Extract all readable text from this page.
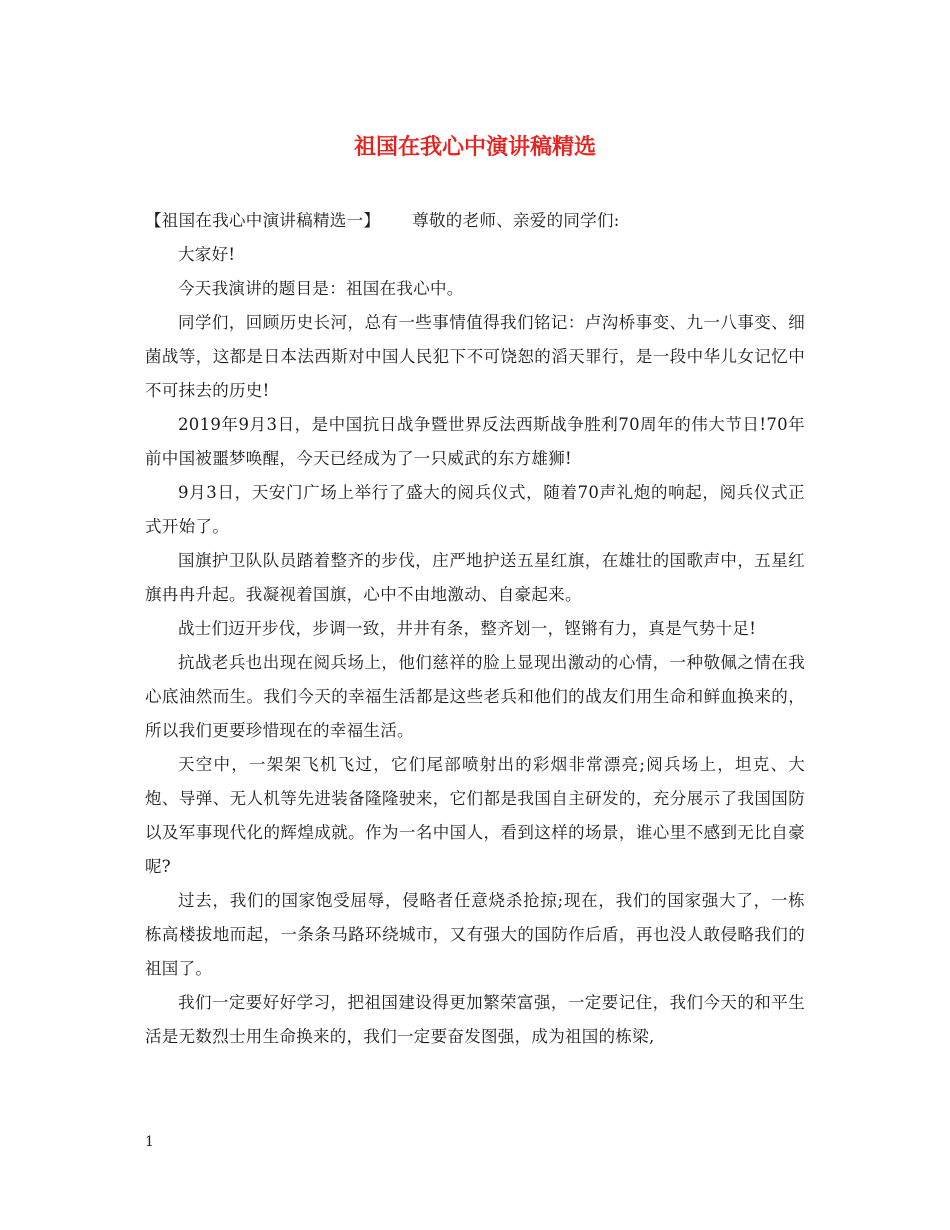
祖国在我心中演讲稿精选

【祖国在我心中演讲稿精选一】 尊敬的老师、亲爱的同学们:

大家好!

今天我演讲的题目是：祖国在我心中。

同学们，回顾历史长河，总有一些事情值得我们铭记：卢沟桥事变、九一八事变、细菌战等，这都是日本法西斯对中国人民犯下不可饶恕的滔天罪行，是一段中华儿女记忆中不可抹去的历史!

2019年9月3日，是中国抗日战争暨世界反法西斯战争胜利70周年的伟大节日!70年前中国被噩梦唤醒，今天已经成为了一只威武的东方雄狮!

9月3日，天安门广场上举行了盛大的阅兵仪式，随着70声礼炮的响起，阅兵仪式正式开始了。

国旗护卫队队员踏着整齐的步伐，庄严地护送五星红旗，在雄壮的国歌声中，五星红旗冉冉升起。我凝视着国旗，心中不由地激动、自豪起来。

战士们迈开步伐，步调一致，井井有条，整齐划一，铿锵有力，真是气势十足!

抗战老兵也出现在阅兵场上，他们慈祥的脸上显现出激动的心情，一种敬佩之情在我心底油然而生。我们今天的幸福生活都是这些老兵和他们的战友们用生命和鲜血换来的，所以我们更要珍惜现在的幸福生活。

天空中，一架架飞机飞过，它们尾部喷射出的彩烟非常漂亮;阅兵场上，坦克、大炮、导弹、无人机等先进装备隆隆驶来，它们都是我国自主研发的，充分展示了我国国防以及军事现代化的辉煌成就。作为一名中国人，看到这样的场景，谁心里不感到无比自豪呢?

过去，我们的国家饱受屈辱，侵略者任意烧杀抢掠;现在，我们的国家强大了，一栋栋高楼拔地而起，一条条马路环绕城市，又有强大的国防作后盾，再也没人敢侵略我们的祖国了。

我们一定要好好学习，把祖国建设得更加繁荣富强，一定要记住，我们今天的和平生活是无数烈士用生命换来的，我们一定要奋发图强，成为祖国的栋梁,

1
